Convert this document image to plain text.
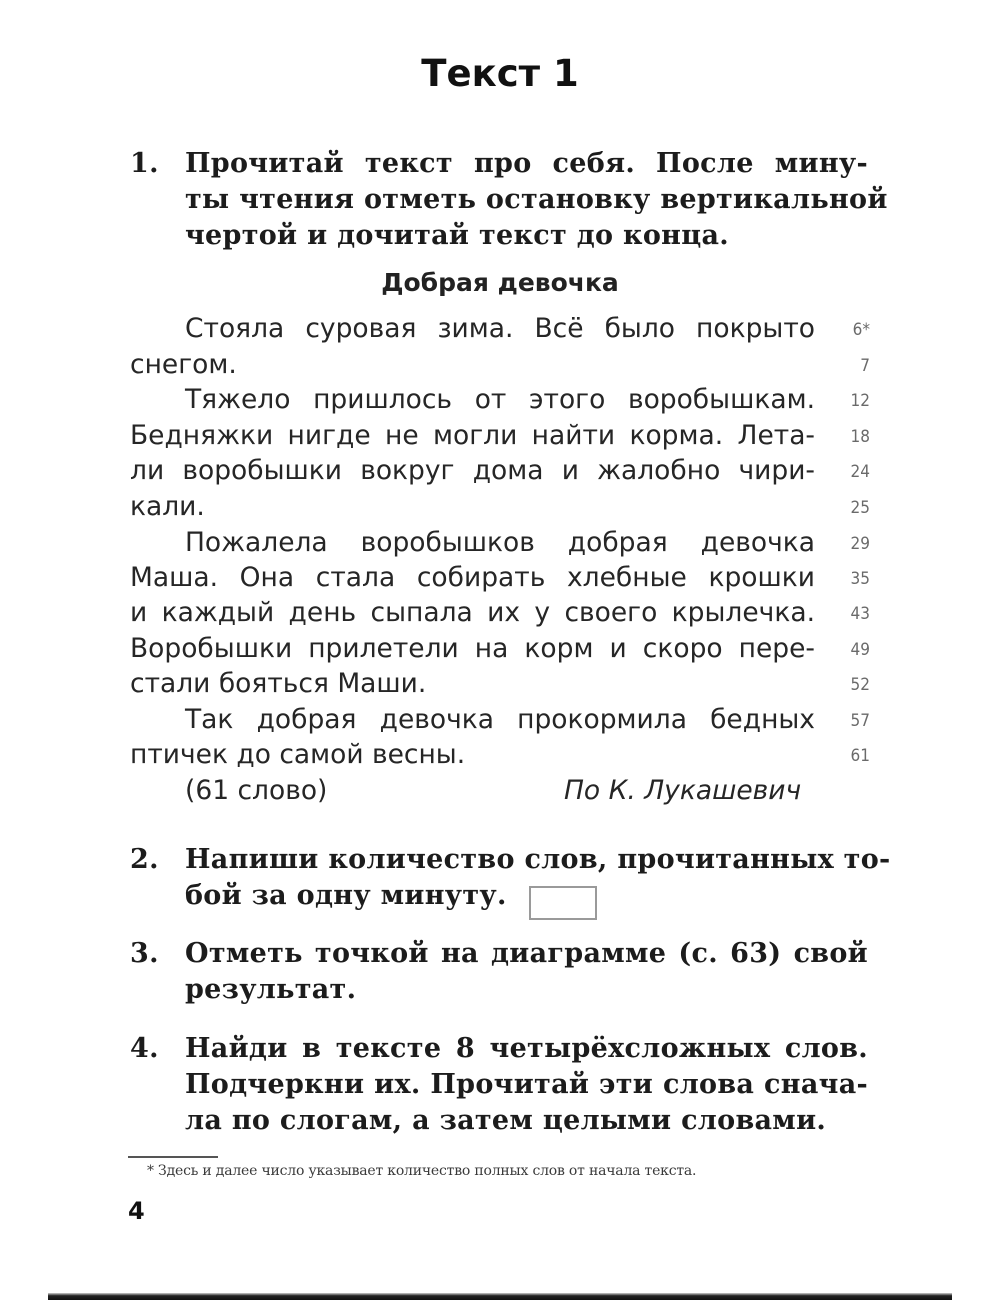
Текст 1
1. Прочитай текст про себя. После мину-
ты чтения отметь остановку вертикальной
чертой и дочитай текст до конца.
Добрая девочка
Стояла суровая зима. Всё было покрыто	6*
снегом.	7
Тяжело пришлось от этого воробышкам.	12
Бедняжки нигде не могли найти корма. Лета-	18
ли воробышки вокруг дома и жалобно чири-	24
кали.	25
Пожалела воробышков добрая девочка	29
Маша. Она стала собирать хлебные крошки	35
и каждый день сыпала их у своего крылечка.	43
Воробышки прилетели на корм и скоро пере-	49
стали бояться Маши.	52
Так добрая девочка прокормила бедных	57
птичек до самой весны.	61
(61 слово)	По К. Лукашевич
2. Напиши количество слов, прочитанных то-
бой за одну минуту.
3. Отметь точкой на диаграмме (с. 63) свой
результат.
4. Найди в тексте 8 четырёхсложных слов.
Подчеркни их. Прочитай эти слова снача-
ла по слогам, а затем целыми словами.
* Здесь и далее число указывает количество полных слов от начала текста.
4
